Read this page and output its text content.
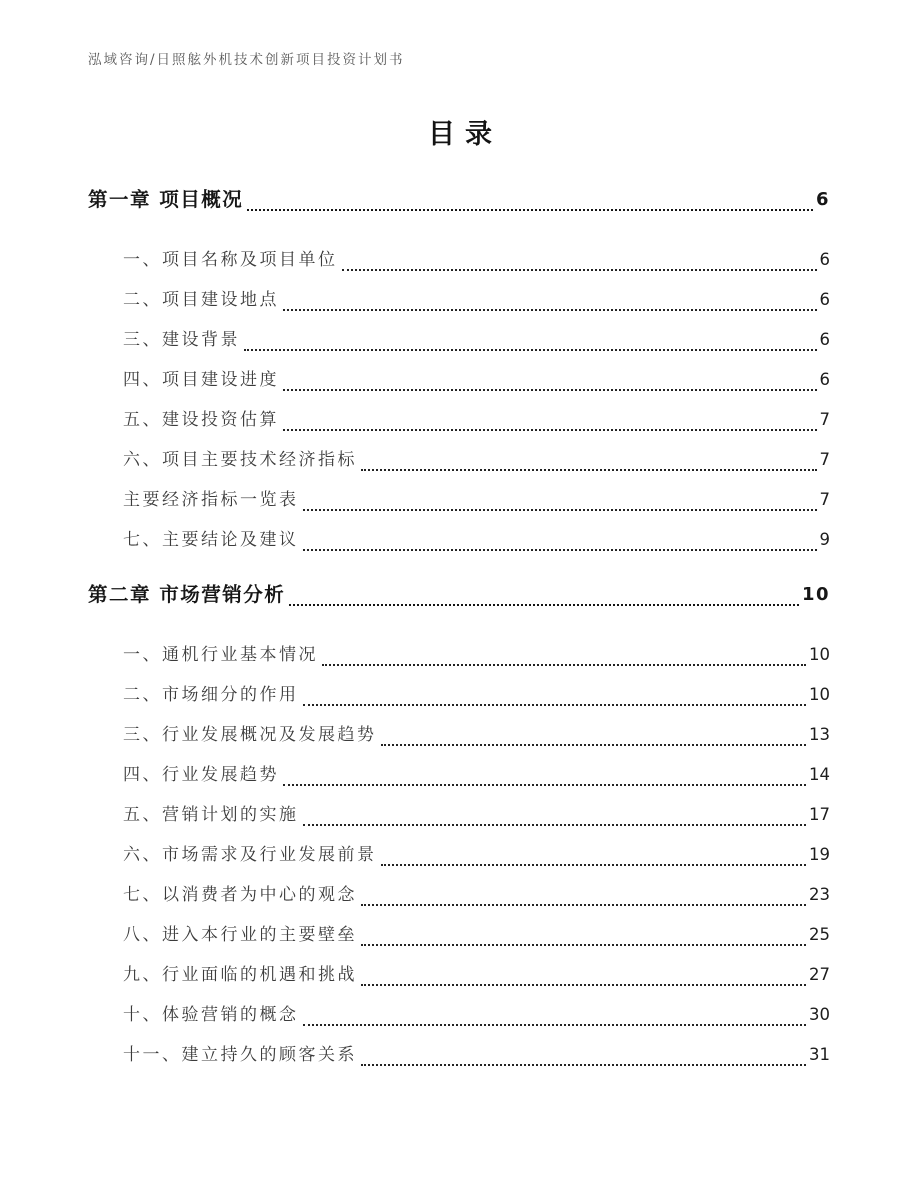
泓域咨询/日照舷外机技术创新项目投资计划书
目录
第一章 项目概况	6
一、项目名称及项目单位	6
二、项目建设地点	6
三、建设背景	6
四、项目建设进度	6
五、建设投资估算	7
六、项目主要技术经济指标	7
主要经济指标一览表	7
七、主要结论及建议	9
第二章 市场营销分析	10
一、通机行业基本情况	10
二、市场细分的作用	10
三、行业发展概况及发展趋势	13
四、行业发展趋势	14
五、营销计划的实施	17
六、市场需求及行业发展前景	19
七、以消费者为中心的观念	23
八、进入本行业的主要壁垒	25
九、行业面临的机遇和挑战	27
十、体验营销的概念	30
十一、建立持久的顾客关系	31
